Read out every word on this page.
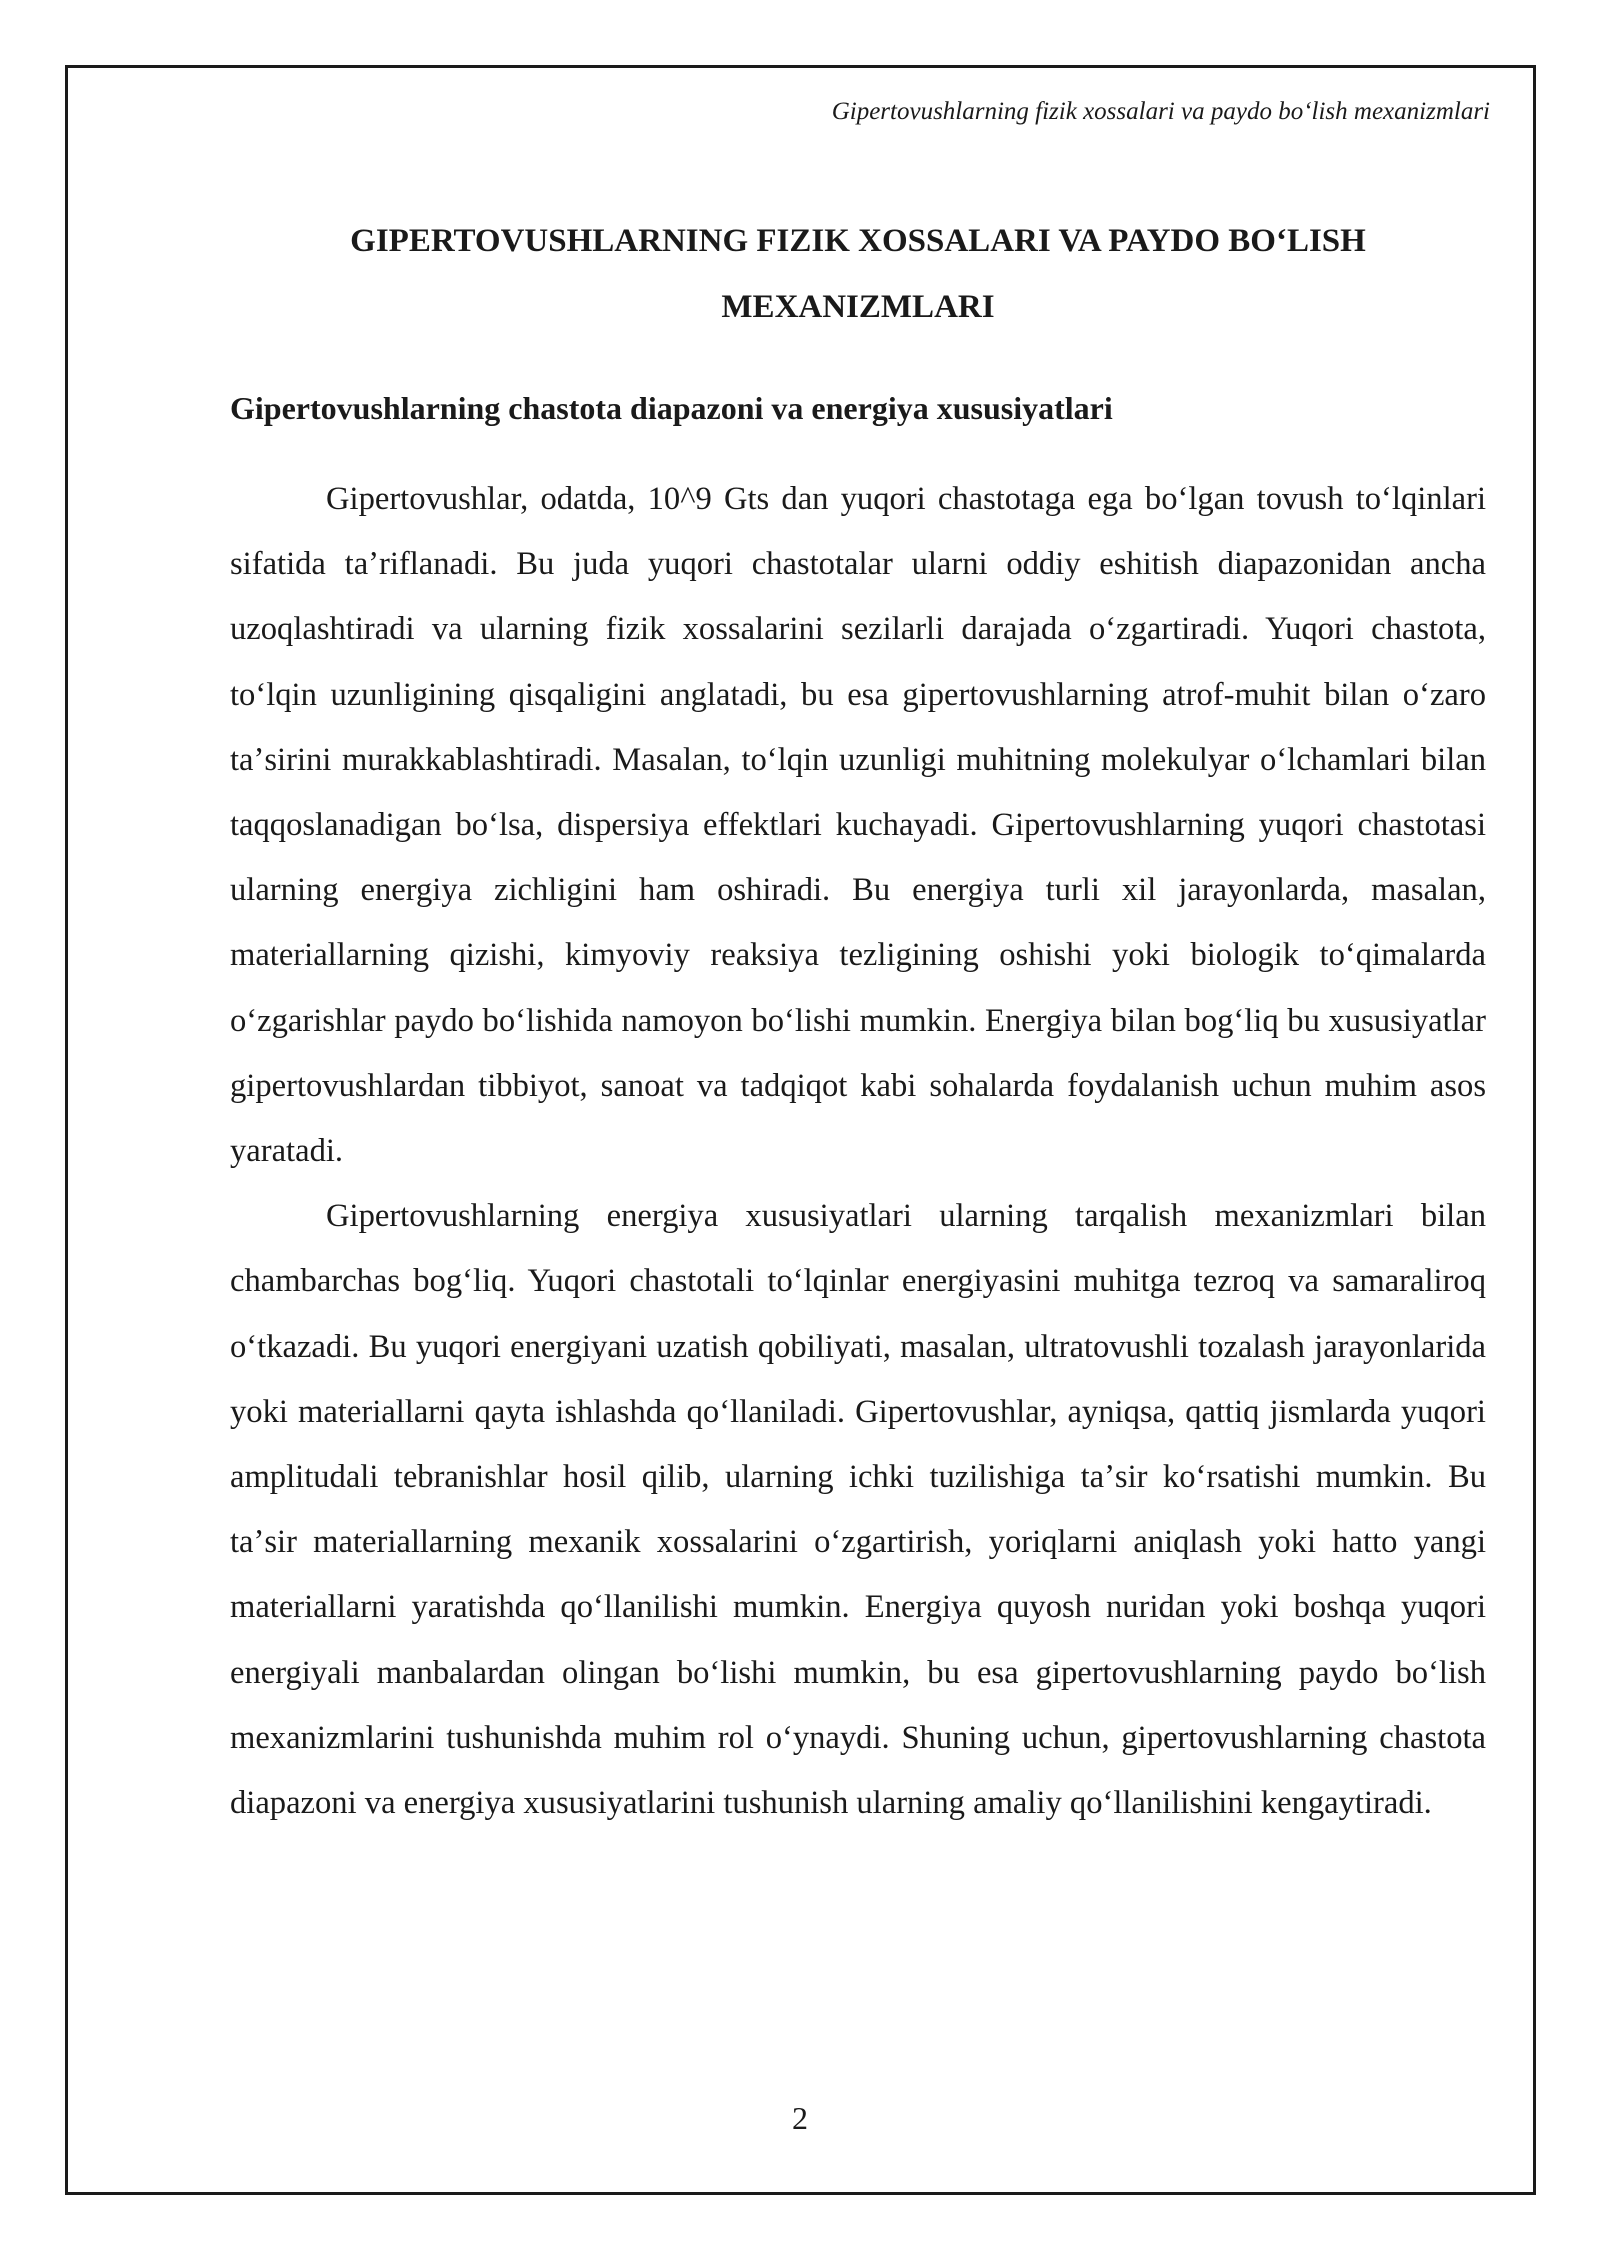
Gipertovushlarning fizik xossalari va paydo boʻlish mexanizmlari
GIPERTOVUSHLARNING FIZIK XOSSALARI VA PAYDO BOʻLISH MEXANIZMLARI
Gipertovushlarning chastota diapazoni va energiya xususiyatlari

Gipertovushlar, odatda, 10^9 Gts dan yuqori chastotaga ega boʻlgan tovush toʻlqinlari sifatida taʼriflanadi. Bu juda yuqori chastotalar ularni oddiy eshitish diapazonidan ancha uzoqlashtiradi va ularning fizik xossalarini sezilarli darajada oʻzgartiradi. Yuqori chastota, toʻlqin uzunligining qisqaligini anglatadi, bu esa gipertovushlarning atrof-muhit bilan oʻzaro taʼsirini murakkablashtiradi. Masalan, toʻlqin uzunligi muhitning molekulyar oʻlchamlari bilan taqqoslanadigan boʻlsa, dispersiya effektlari kuchayadi. Gipertovushlarning yuqori chastotasi ularning energiya zichligini ham oshiradi. Bu energiya turli xil jarayonlarda, masalan, materiallarning qizishi, kimyoviy reaksiya tezligining oshishi yoki biologik toʻqimalarda oʻzgarishlar paydo boʻlishida namoyon boʻlishi mumkin. Energiya bilan bogʻliq bu xususiyatlar gipertovushlardan tibbiyot, sanoat va tadqiqot kabi sohalarda foydalanish uchun muhim asos yaratadi.

Gipertovushlarning energiya xususiyatlari ularning tarqalish mexanizmlari bilan chambarchas bogʻliq. Yuqori chastotali toʻlqinlar energiyasini muhitga tezroq va samaraliroq oʻtkazadi. Bu yuqori energiyani uzatish qobiliyati, masalan, ultratovushli tozalash jarayonlarida yoki materiallarni qayta ishlashda qoʻllaniladi. Gipertovushlar, ayniqsa, qattiq jismlarda yuqori amplitudali tebranishlar hosil qilib, ularning ichki tuzilishiga taʼsir koʻrsatishi mumkin. Bu taʼsir materiallarning mexanik xossalarini oʻzgartirish, yoriqlarni aniqlash yoki hatto yangi materiallarni yaratishda qoʻllanilishi mumkin. Energiya quyosh nuridan yoki boshqa yuqori energiyali manbalardan olingan boʻlishi mumkin, bu esa gipertovushlarning paydo boʻlish mexanizmlarini tushunishda muhim rol oʻynaydi. Shuning uchun, gipertovushlarning chastota diapazoni va energiya xususiyatlarini tushunish ularning amaliy qoʻllanilishini kengaytiradi.

2
